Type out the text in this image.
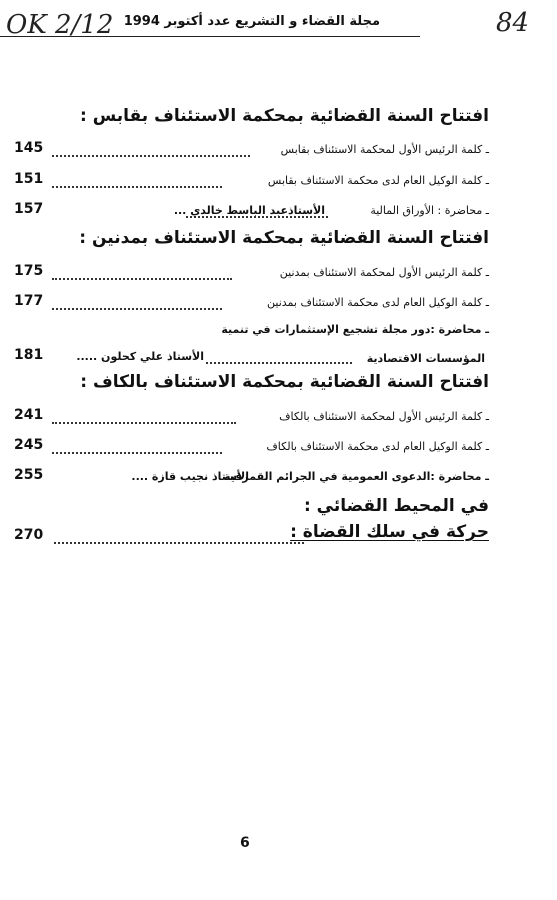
OK 2/12	84
مجلة القضاء و التشريع عدد أكتوبر 1994
افتتاح السنة القضائية بمحكمة الاستئناف بقابس :
ـ كلمة الرئيس الأول لمحكمة الاستئناف بقابس
145
ـ كلمة الوكيل العام لدى محكمة الاستئناف بقابس
151
ـ محاضرة : الأوراق المالية
الأستاذعبد الباسط خالدي ...
157
افتتاح السنة القضائية بمحكمة الاستئناف بمدنين :
ـ كلمة الرئيس الأول لمحكمة الاستئناف بمدنين
175
ـ كلمة الوكيل العام لدى محكمة الاستئناف بمدنين
177
ـ محاضرة :دور مجلة تشجيع الإستثمارات في تنمية
المؤسسات الاقتصادية
الأستاذ علي كحلون .....
181
افتتاح السنة القضائية بمحكمة الاستئناف بالكاف :
ـ كلمة الرئيس الأول لمحكمة الاستئناف بالكاف
241
ـ كلمة الوكيل العام لدى محكمة الاستئناف بالكاف
245
ـ محاضرة :الدعوى العمومية في الجرائم القمرقية
الأستاذ نجيب قازة ....
255
في المحيط القضائي :
حركة في سلك القضاة :
270
6
